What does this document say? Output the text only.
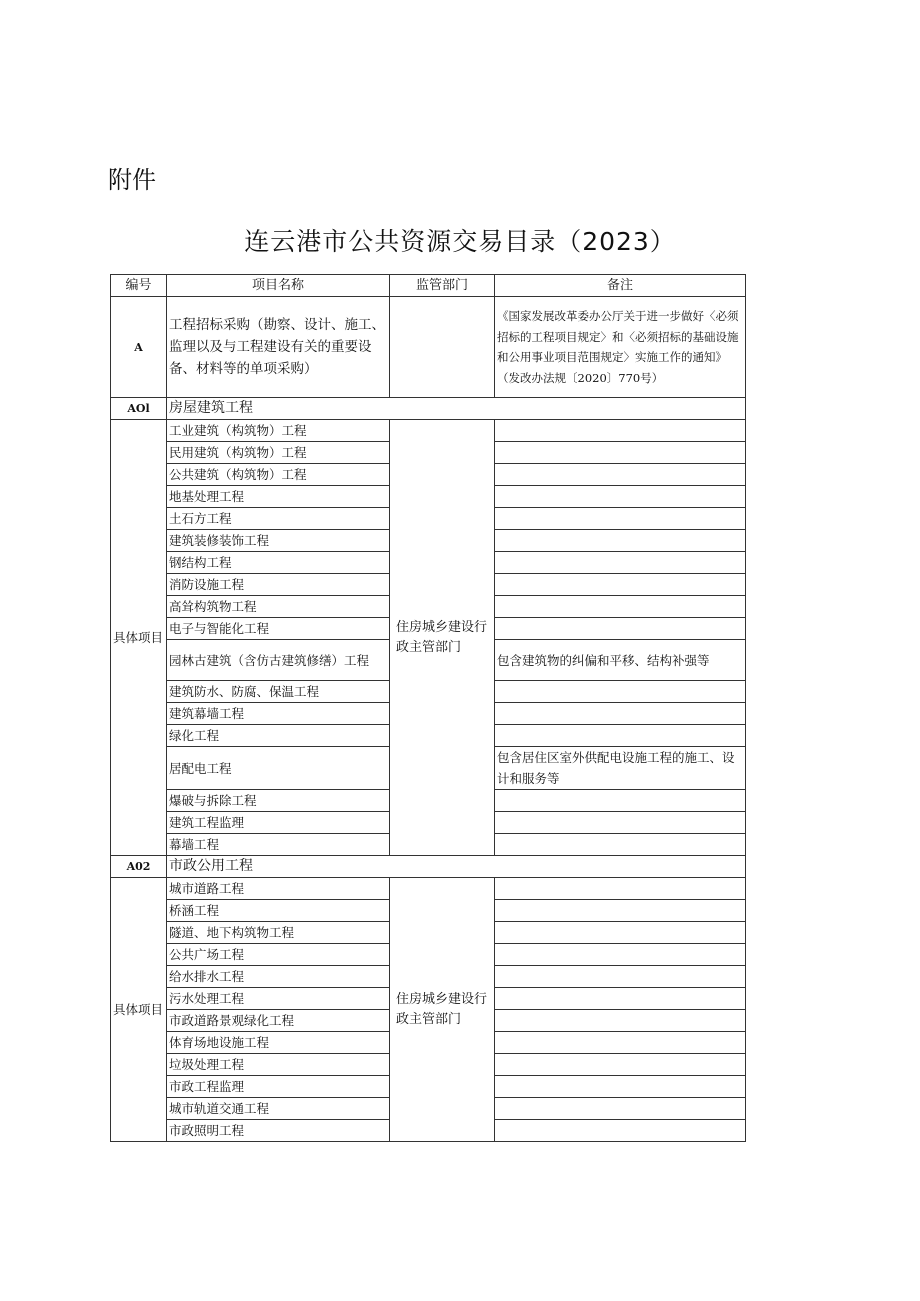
附件
连云港市公共资源交易目录（2023）
编号	项目名称	监管部门	备注
A	工程招标采购（勘察、设计、施工、监理以及与工程建设有关的重要设备、材料等的单项采购）		《国家发展改革委办公厅关于进一步做好〈必须招标的工程项目规定〉和〈必须招标的基础设施和公用事业项目范围规定〉实施工作的通知》（发改办法规〔2020〕770号）
AOl	房屋建筑工程		
具体项目	工业建筑（构筑物）工程	住房城乡建设行政主管部门	
	民用建筑（构筑物）工程		
	公共建筑（构筑物）工程		
	地基处理工程		
	土石方工程		
	建筑装修装饰工程		
	钢结构工程		
	消防设施工程		
	高耸构筑物工程		
	电子与智能化工程		
	园林古建筑（含仿古建筑修缮）工程		包含建筑物的纠偏和平移、结构补强等
	建筑防水、防腐、保温工程		
	建筑幕墙工程		
	绿化工程		
	居配电工程		包含居住区室外供配电设施工程的施工、设计和服务等
	爆破与拆除工程		
	建筑工程监理		
	幕墙工程		
A02	市政公用工程		
具体项目	城市道路工程	住房城乡建设行政主管部门	
	桥涵工程		
	隧道、地下构筑物工程		
	公共广场工程		
	给水排水工程		
	污水处理工程		
	市政道路景观绿化工程		
	体育场地设施工程		
	垃圾处理工程		
	市政工程监理		
	城市轨道交通工程		
	市政照明工程		
